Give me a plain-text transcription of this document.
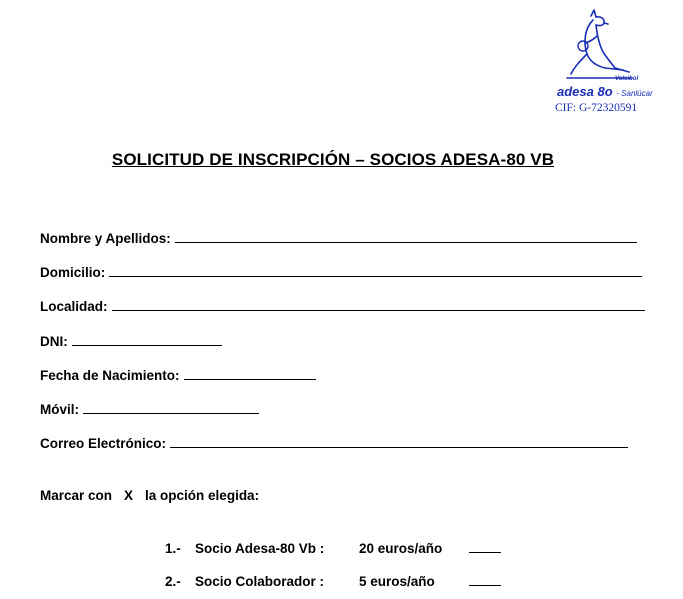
Voleibol
adesa 8o - Sanlúcar
CIF: G-72320591
SOLICITUD DE INSCRIPCIÓN – SOCIOS ADESA-80 VB
Nombre y Apellidos:
Domicilio:
Localidad:
DNI:
Fecha de Nacimiento:
Móvil:
Correo Electrónico:
Marcar con X la opción elegida:
1.-	Socio Adesa-80 Vb :	20 euros/año
2.-	Socio Colaborador :	5 euros/año
